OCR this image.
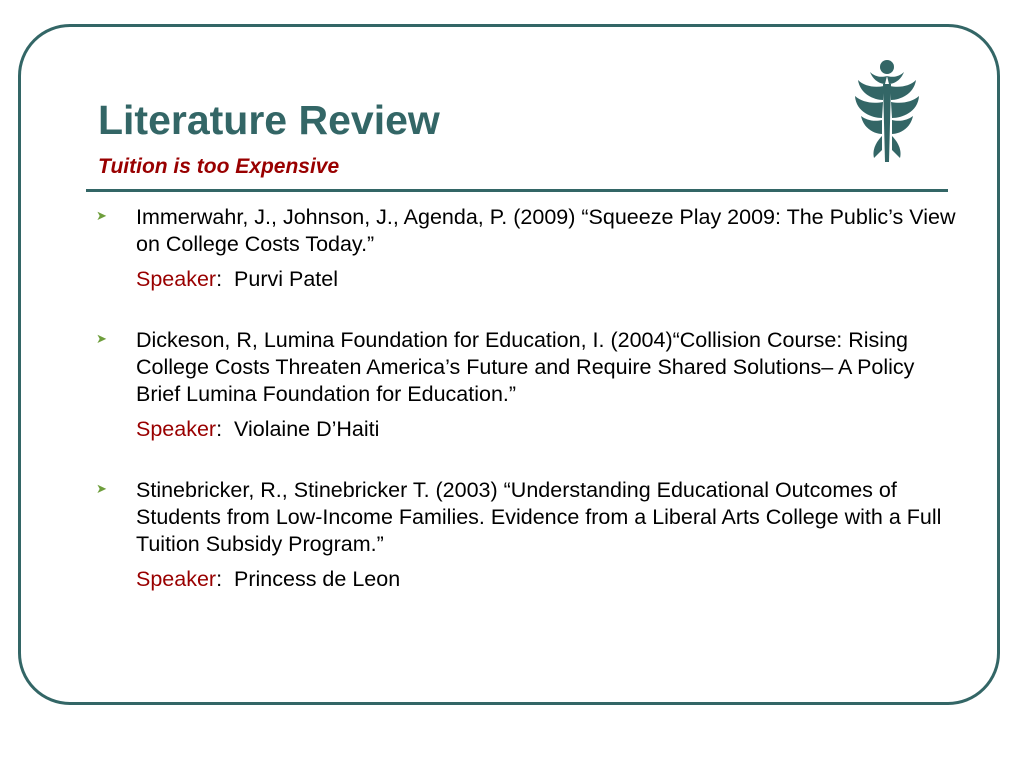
Literature Review
Tuition is too Expensive
➤ Immerwahr, J., Johnson, J., Agenda, P. (2009) “Squeeze Play 2009: The Public’s View on College Costs Today.”
Speaker:  Purvi Patel
➤ Dickeson, R, Lumina Foundation for Education, I. (2004)“Collision Course: Rising College Costs Threaten America’s Future and Require Shared Solutions– A Policy Brief Lumina Foundation for Education.”
Speaker:  Violaine D’Haiti
➤ Stinebricker, R., Stinebricker T. (2003) “Understanding Educational Outcomes of Students from Low-Income Families. Evidence from a Liberal Arts College with a Full Tuition Subsidy Program.”
Speaker:  Princess de Leon
